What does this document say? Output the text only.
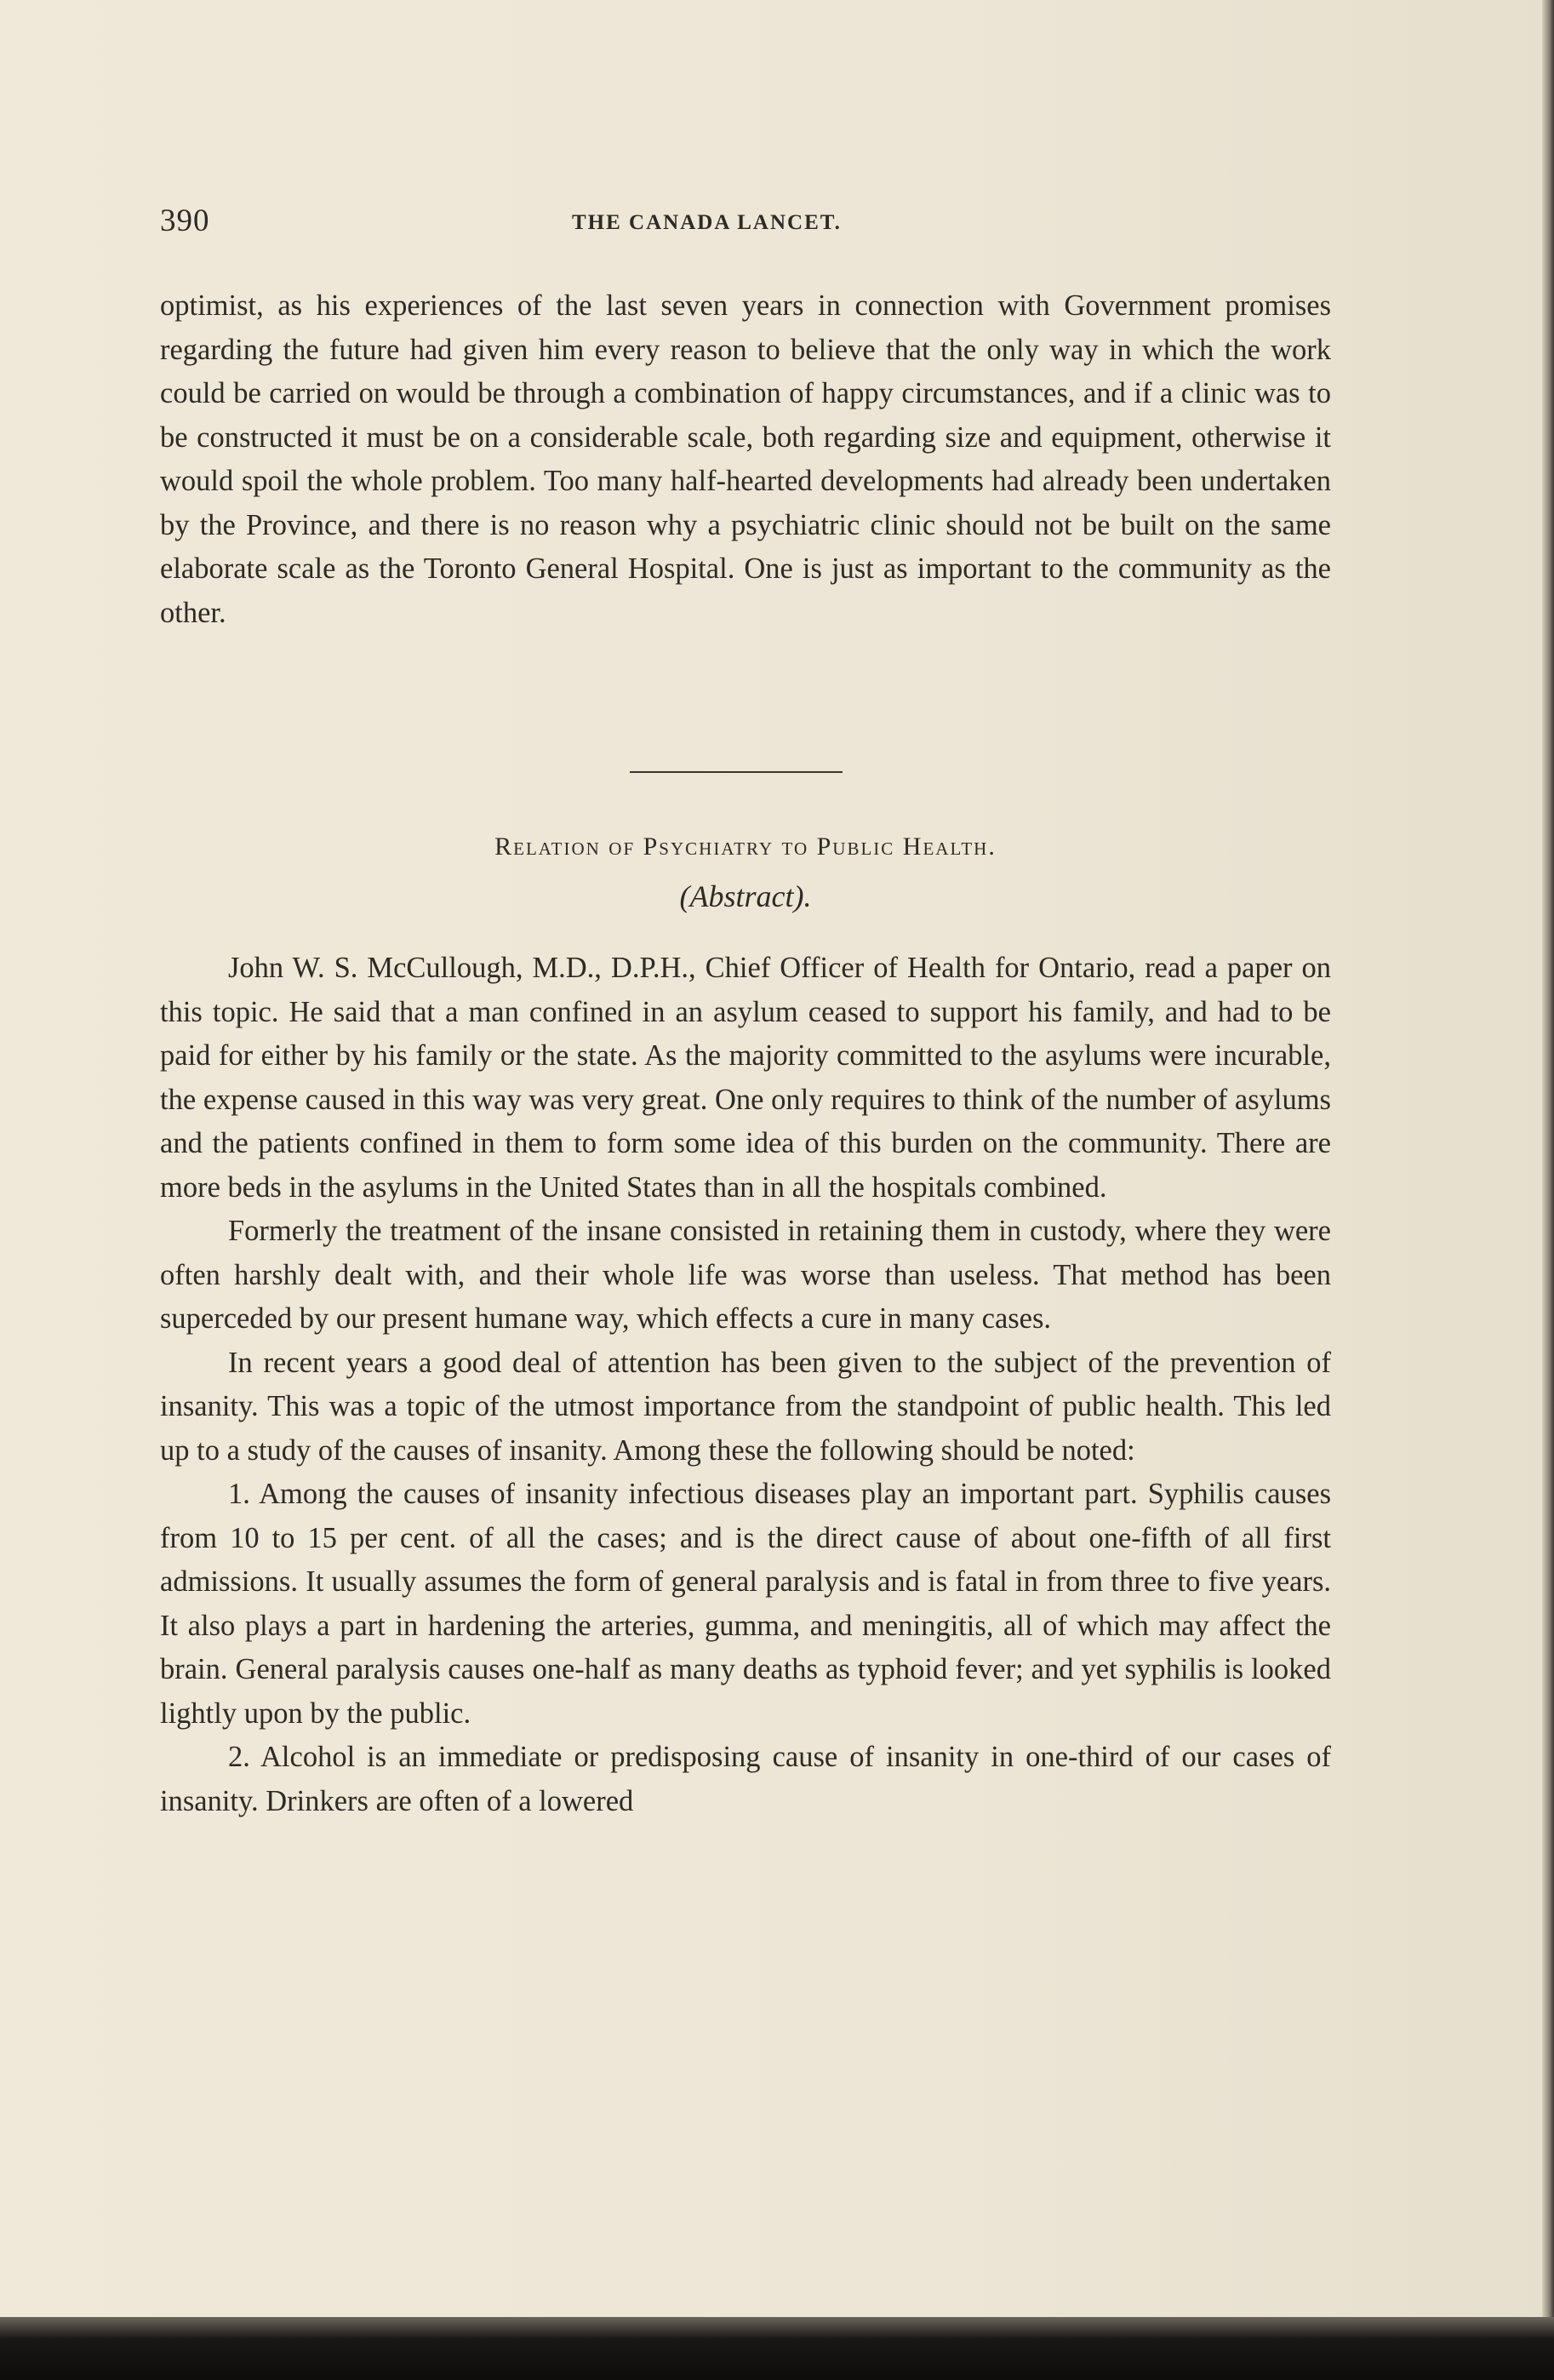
390	THE CANADA LANCET.
optimist, as his experiences of the last seven years in connection with Government promises regarding the future had given him every reason to believe that the only way in which the work could be carried on would be through a combination of happy circumstances, and if a clinic was to be constructed it must be on a considerable scale, both regarding size and equipment, otherwise it would spoil the whole problem. Too many half-hearted developments had already been undertaken by the Province, and there is no reason why a psychiatric clinic should not be built on the same elaborate scale as the Toronto General Hospital. One is just as important to the community as the other.
Relation of Psychiatry to Public Health.
(Abstract).

John W. S. McCullough, M.D., D.P.H., Chief Officer of Health for Ontario, read a paper on this topic. He said that a man confined in an asylum ceased to support his family, and had to be paid for either by his family or the state. As the majority committed to the asylums were incurable, the expense caused in this way was very great. One only requires to think of the number of asylums and the patients confined in them to form some idea of this burden on the community. There are more beds in the asylums in the United States than in all the hospitals combined.

Formerly the treatment of the insane consisted in retaining them in custody, where they were often harshly dealt with, and their whole life was worse than useless. That method has been superceded by our present humane way, which effects a cure in many cases.

In recent years a good deal of attention has been given to the subject of the prevention of insanity. This was a topic of the utmost importance from the standpoint of public health. This led up to a study of the causes of insanity. Among these the following should be noted:

1. Among the causes of insanity infectious diseases play an important part. Syphilis causes from 10 to 15 per cent. of all the cases; and is the direct cause of about one-fifth of all first admissions. It usually assumes the form of general paralysis and is fatal in from three to five years. It also plays a part in hardening the arteries, gumma, and meningitis, all of which may affect the brain. General paralysis causes one-half as many deaths as typhoid fever; and yet syphilis is looked lightly upon by the public.

2. Alcohol is an immediate or predisposing cause of insanity in one-third of our cases of insanity. Drinkers are often of a lowered
